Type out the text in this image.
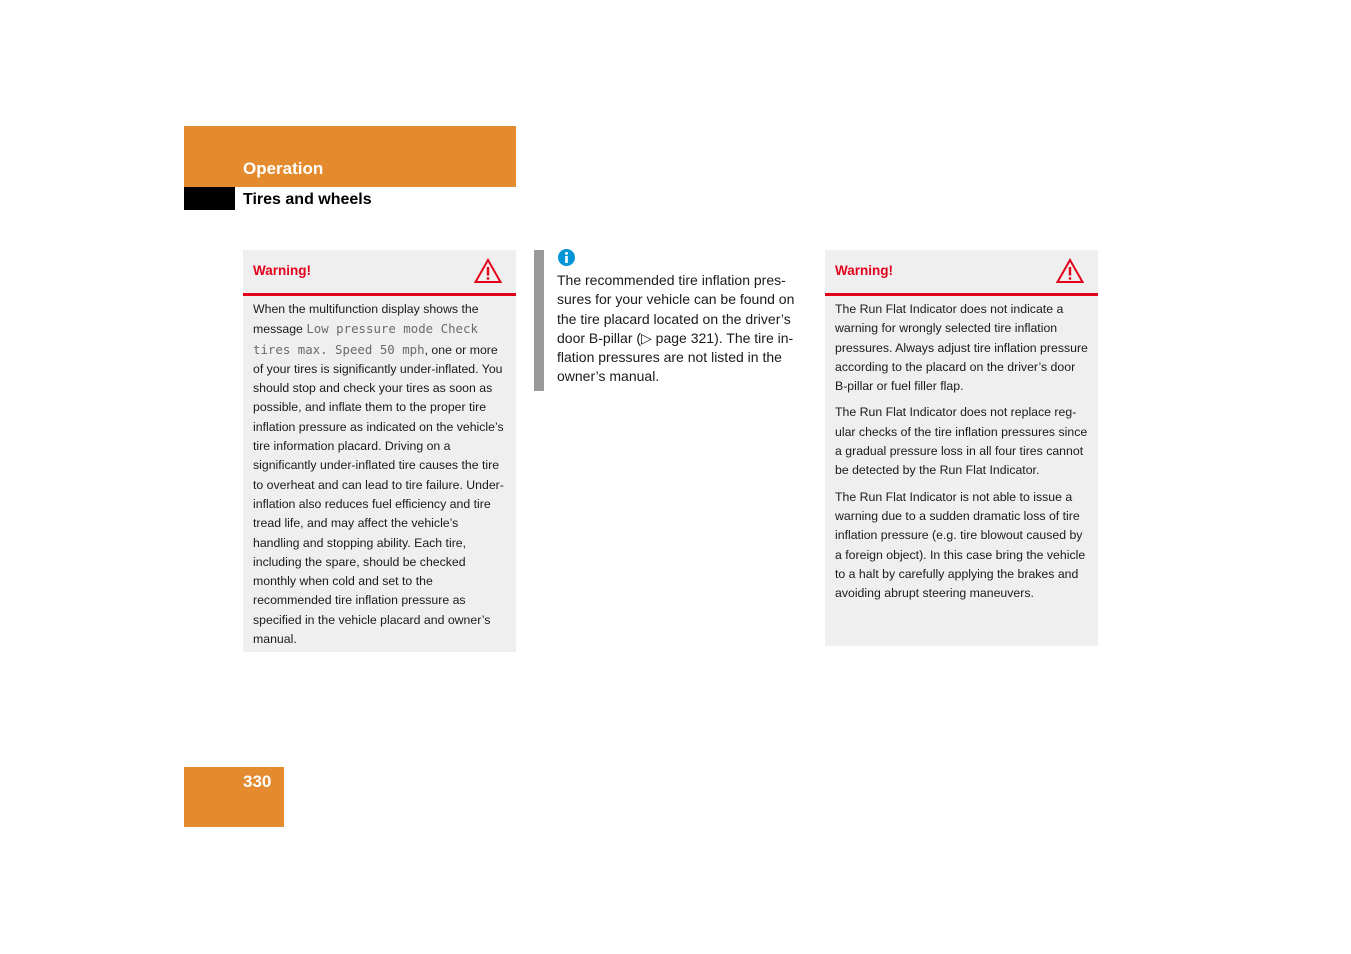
Operation
Tires and wheels
Warning!

When the multifunction display shows the message Low pressure mode Check tires max. Speed 50 mph, one or more of your tires is significantly under-inflated. You should stop and check your tires as soon as possible, and inflate them to the proper tire inflation pressure as indicated on the vehicle’s tire information placard. Driving on a significantly under-inflated tire causes the tire to overheat and can lead to tire failure. Under-inflation also reduces fuel efficiency and tire tread life, and may affect the vehicle’s handling and stopping ability. Each tire, including the spare, should be checked monthly when cold and set to the recommended tire inflation pressure as specified in the vehicle placard and owner’s manual.

The recommended tire inflation pressures for your vehicle can be found on the tire placard located on the driver’s door B-pillar (▷ page 321). The tire inflation pressures are not listed in the owner’s manual.

Warning!

The Run Flat Indicator does not indicate a warning for wrongly selected tire inflation pressures. Always adjust tire inflation pressure according to the placard on the driver’s door B-pillar or fuel filler flap.

The Run Flat Indicator does not replace regular checks of the tire inflation pressures since a gradual pressure loss in all four tires cannot be detected by the Run Flat Indicator.

The Run Flat Indicator is not able to issue a warning due to a sudden dramatic loss of tire inflation pressure (e.g. tire blowout caused by a foreign object). In this case bring the vehicle to a halt by carefully applying the brakes and avoiding abrupt steering maneuvers.

330
